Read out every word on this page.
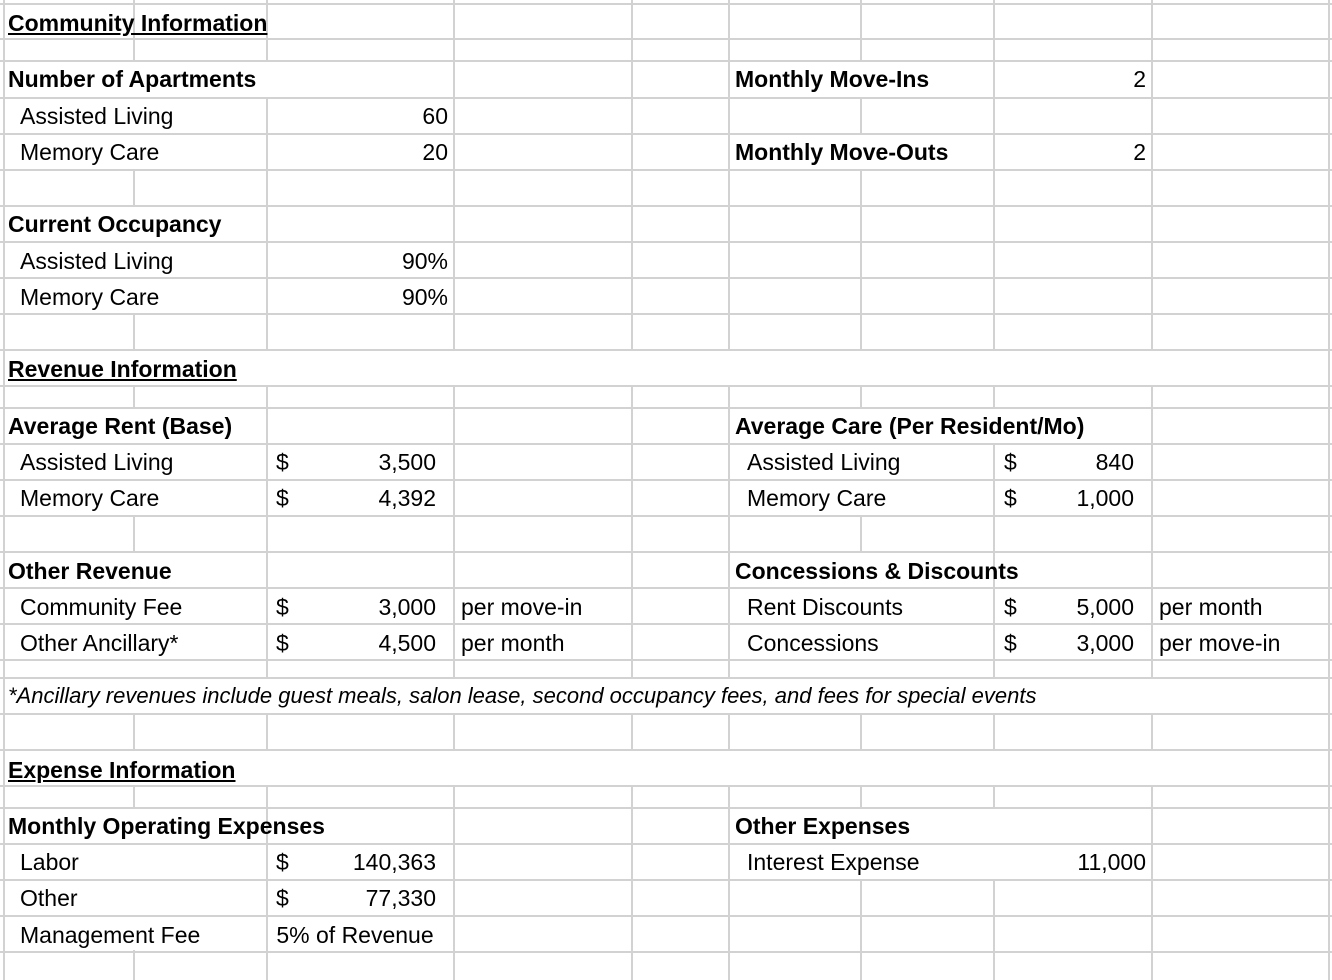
Community Information
Number of Apartments
Assisted Living	60
Memory Care	20
Monthly Move-Ins	2
Monthly Move-Outs	2
Current Occupancy
Assisted Living	90%
Memory Care	90%
Revenue Information
Average Rent (Base)
Assisted Living	$	3,500
Memory Care	$	4,392
Average Care (Per Resident/Mo)
Assisted Living	$	840
Memory Care	$	1,000
Other Revenue
Community Fee	$	3,000 per move-in
Other Ancillary*	$	4,500 per month
Concessions & Discounts
Rent Discounts	$	5,000 per month
Concessions	$	3,000 per move-in
*Ancillary revenues include guest meals, salon lease, second occupancy fees, and fees for special events
Expense Information
Monthly Operating Expenses
Labor	$	140,363
Other	$	77,330
Management Fee	5% of Revenue
Other Expenses
Interest Expense	11,000
